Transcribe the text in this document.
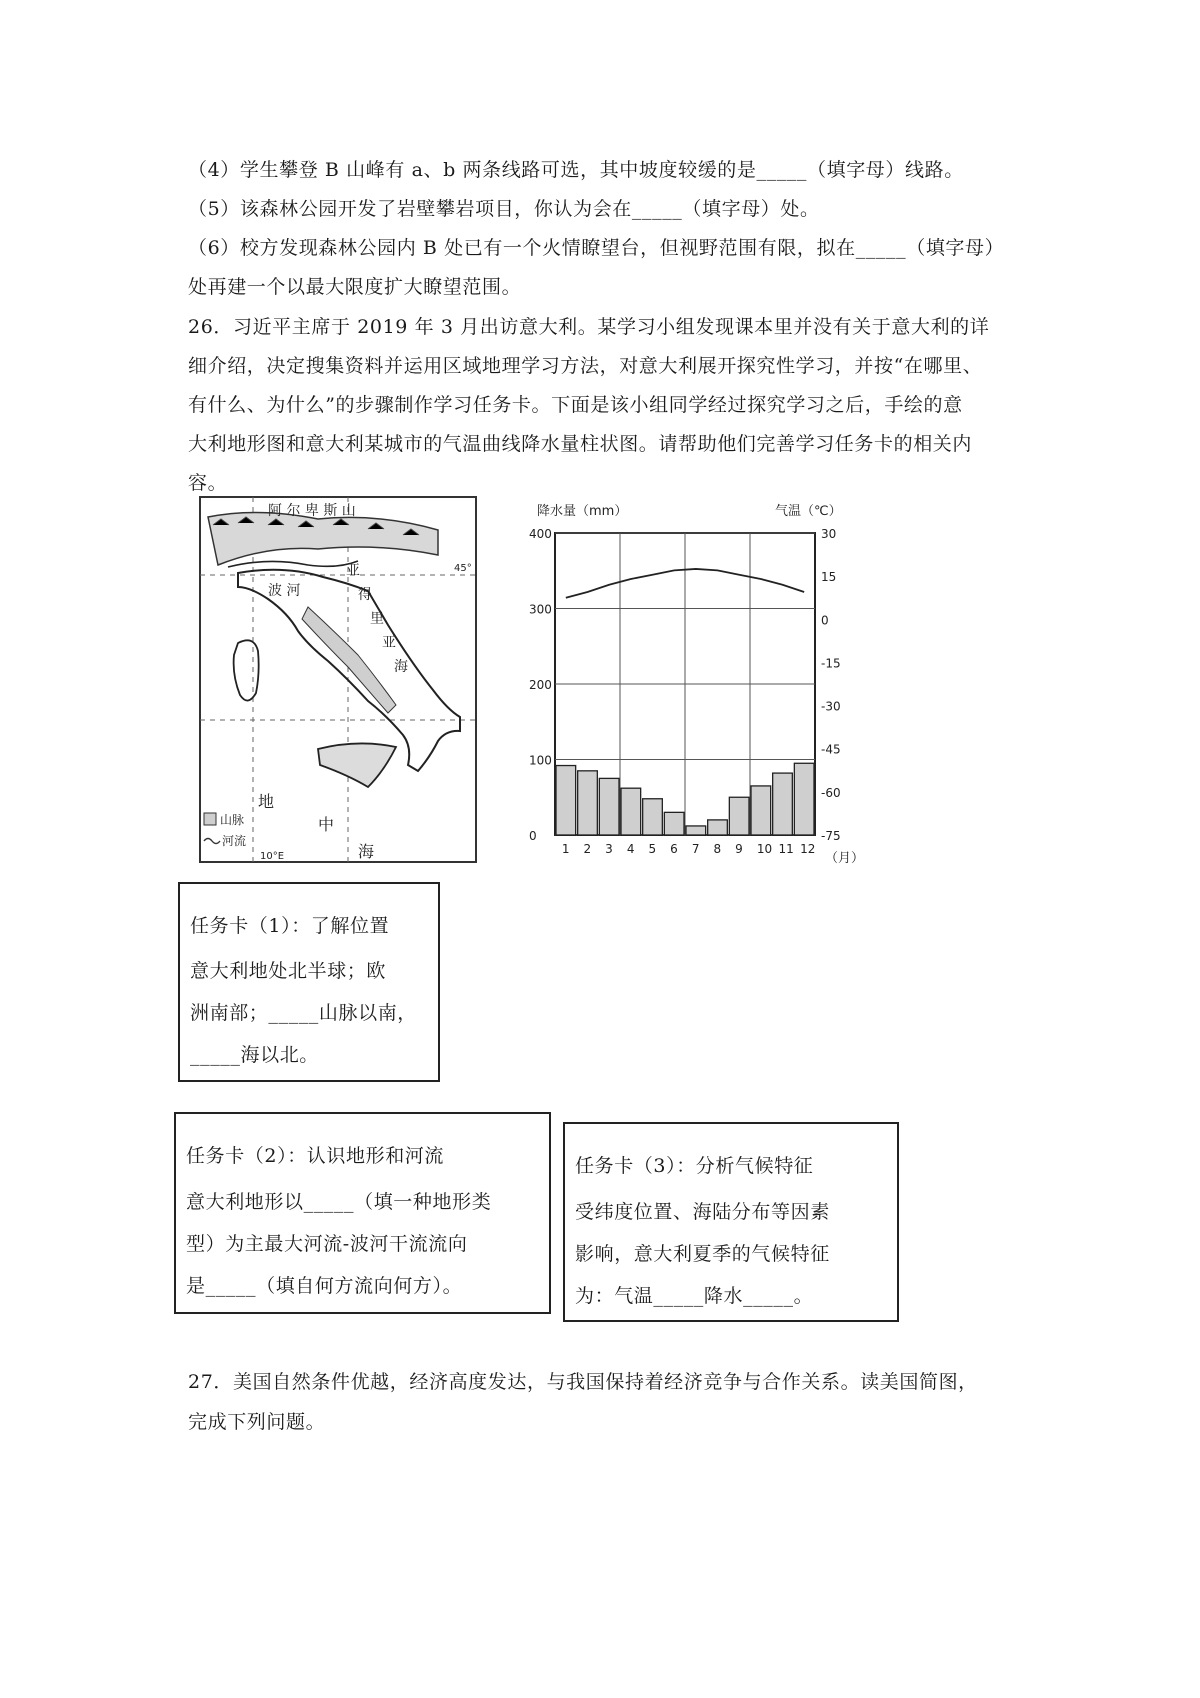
（4）学生攀登 B 山峰有 a、b 两条线路可选，其中坡度较缓的是_____（填字母）线路。
（5）该森林公园开发了岩壁攀岩项目，你认为会在_____（填字母）处。
（6）校方发现森林公园内 B 处已有一个火情瞭望台，但视野范围有限，拟在_____（填字母）
处再建一个以最大限度扩大瞭望范围。
26．习近平主席于 2019 年 3 月出访意大利。某学习小组发现课本里并没有关于意大利的详
细介绍，决定搜集资料并运用区域地理学习方法，对意大利展开探究性学习，并按“在哪里、
有什么、为什么”的步骤制作学习任务卡。下面是该小组同学经过探究学习之后，手绘的意
大利地形图和意大利某城市的气温曲线降水量柱状图。请帮助他们完善学习任务卡的相关内
容。
阿 尔 卑 斯 山
波 河
亚
得
里
亚
海
地
中
海
45°
10°E
山脉
河流
降水量（mm）	气温（℃）
（月）
0
100
200
300
400	30
15
0
-15
-30
-45
-60
-75
1 2 3 4 5 6 7 8 9 10 11 12
任务卡（1）：了解位置
意大利地处北半球；欧
洲南部；_____山脉以南，
_____海以北。
任务卡（2）：认识地形和河流
意大利地形以_____（填一种地形类
型）为主最大河流-波河干流流向
是_____（填自何方流向何方）。
任务卡（3）：分析气候特征
受纬度位置、海陆分布等因素
影响，意大利夏季的气候特征
为：气温_____降水_____。
27．美国自然条件优越，经济高度发达，与我国保持着经济竞争与合作关系。读美国简图，
完成下列问题。
